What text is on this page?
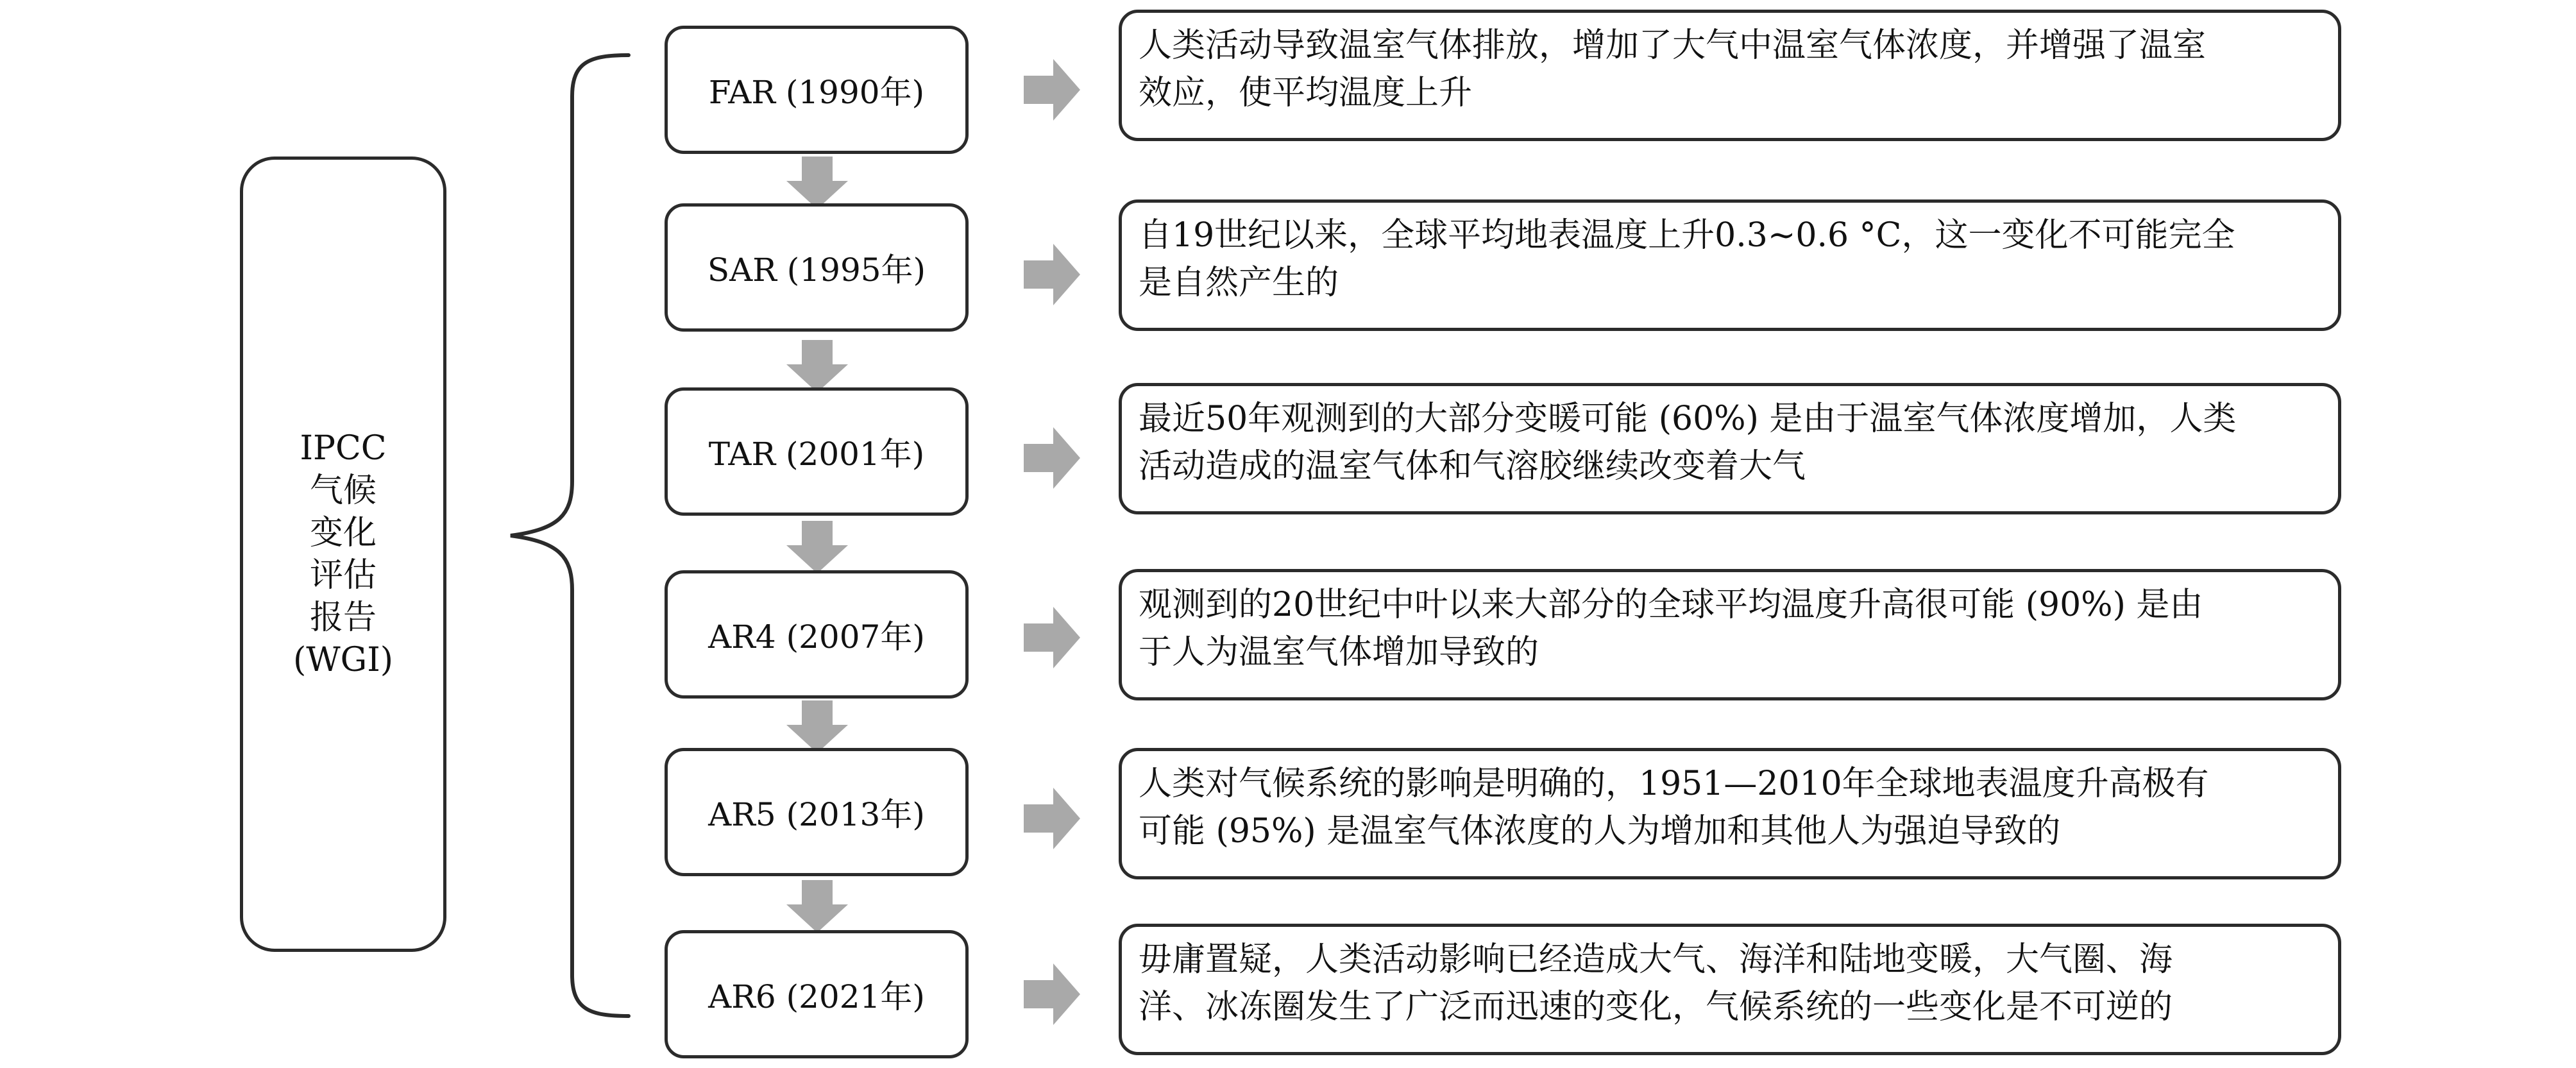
IPCC
气候
变化
评估
报告
(WGI)
FAR (1990年)
人类活动导致温室气体排放，增加了大气中温室气体浓度，并增强了温室
效应，使平均温度上升
SAR (1995年)
自19世纪以来，全球平均地表温度上升0.3~0.6 °C，这一变化不可能完全
是自然产生的
TAR (2001年)
最近50年观测到的大部分变暖可能 (60%) 是由于温室气体浓度增加，人类
活动造成的温室气体和气溶胶继续改变着大气
AR4 (2007年)
观测到的20世纪中叶以来大部分的全球平均温度升高很可能 (90%) 是由
于人为温室气体增加导致的
AR5 (2013年)
人类对气候系统的影响是明确的，1951—2010年全球地表温度升高极有
可能 (95%) 是温室气体浓度的人为增加和其他人为强迫导致的
AR6 (2021年)
毋庸置疑，人类活动影响已经造成大气、海洋和陆地变暖，大气圈、海
洋、冰冻圈发生了广泛而迅速的变化，气候系统的一些变化是不可逆的
